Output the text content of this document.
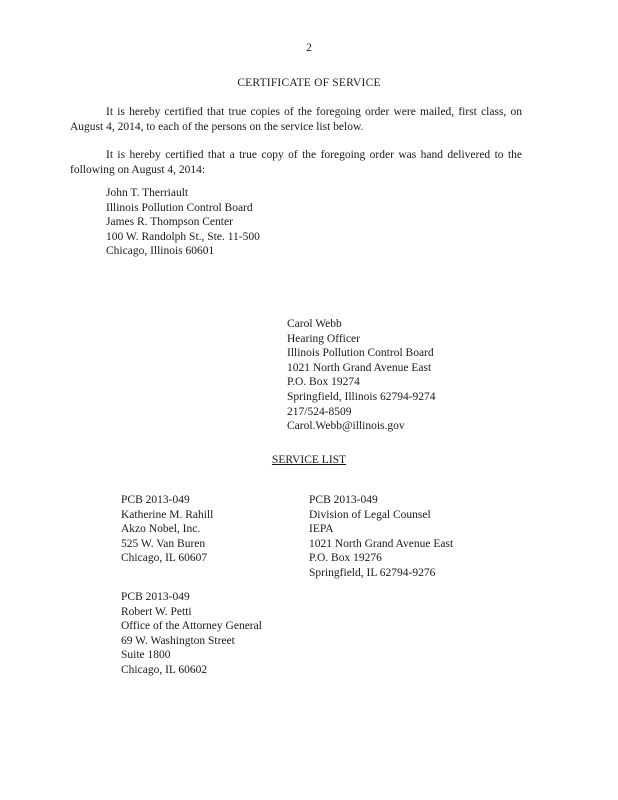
2
CERTIFICATE OF SERVICE
It is hereby certified that true copies of the foregoing order were mailed, first class, on August 4, 2014, to each of the persons on the service list below.
It is hereby certified that a true copy of the foregoing order was hand delivered to the following on August 4, 2014:
John T. Therriault
Illinois Pollution Control Board
James R. Thompson Center
100 W. Randolph St., Ste. 11-500
Chicago, Illinois 60601
Carol Webb
Hearing Officer
Illinois Pollution Control Board
1021 North Grand Avenue East
P.O. Box 19274
Springfield, Illinois 62794-9274
217/524-8509
Carol.Webb@illinois.gov
SERVICE LIST
PCB 2013-049
Katherine M. Rahill
Akzo Nobel, Inc.
525 W. Van Buren
Chicago, IL 60607
PCB 2013-049
Division of Legal Counsel
IEPA
1021 North Grand Avenue East
P.O. Box 19276
Springfield, IL 62794-9276
PCB 2013-049
Robert W. Petti
Office of the Attorney General
69 W. Washington Street
Suite 1800
Chicago, IL 60602
